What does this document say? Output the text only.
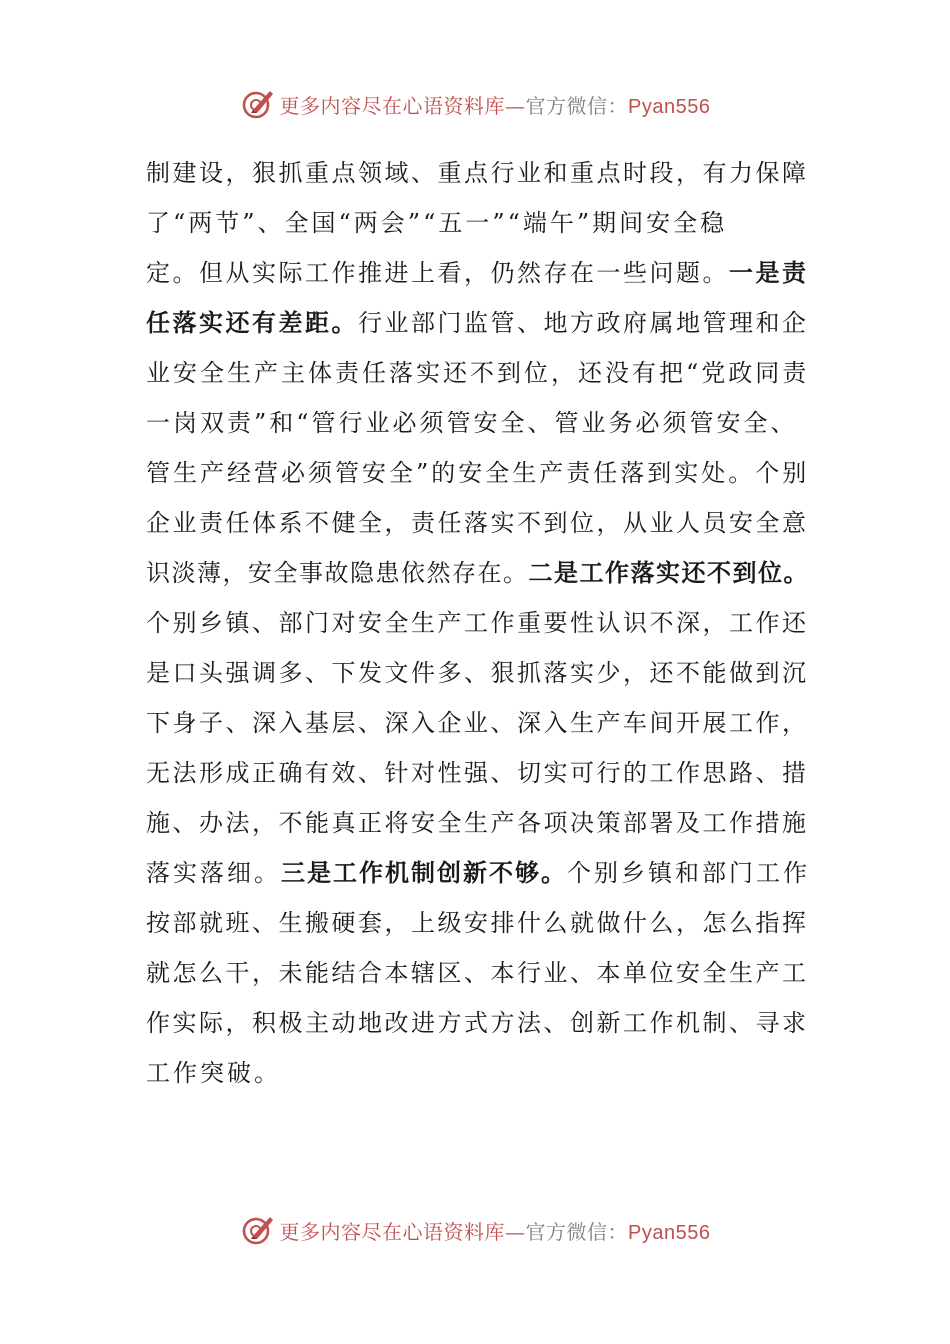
更多内容尽在心语资料库—官方微信：Pyan556
制建设，狠抓重点领域、重点行业和重点时段，有力保障
了“两节”、全国“两会”“五一”“端午”期间安全稳
定。但从实际工作推进上看，仍然存在一些问题。一是责
任落实还有差距。行业部门监管、地方政府属地管理和企
业安全生产主体责任落实还不到位，还没有把“党政同责
一岗双责”和“管行业必须管安全、管业务必须管安全、
管生产经营必须管安全”的安全生产责任落到实处。个别
企业责任体系不健全，责任落实不到位，从业人员安全意
识淡薄，安全事故隐患依然存在。二是工作落实还不到位。
个别乡镇、部门对安全生产工作重要性认识不深，工作还
是口头强调多、下发文件多、狠抓落实少，还不能做到沉
下身子、深入基层、深入企业、深入生产车间开展工作，
无法形成正确有效、针对性强、切实可行的工作思路、措
施、办法，不能真正将安全生产各项决策部署及工作措施
落实落细。三是工作机制创新不够。个别乡镇和部门工作
按部就班、生搬硬套，上级安排什么就做什么，怎么指挥
就怎么干，未能结合本辖区、本行业、本单位安全生产工
作实际，积极主动地改进方式方法、创新工作机制、寻求
工作突破。
更多内容尽在心语资料库—官方微信：Pyan556
